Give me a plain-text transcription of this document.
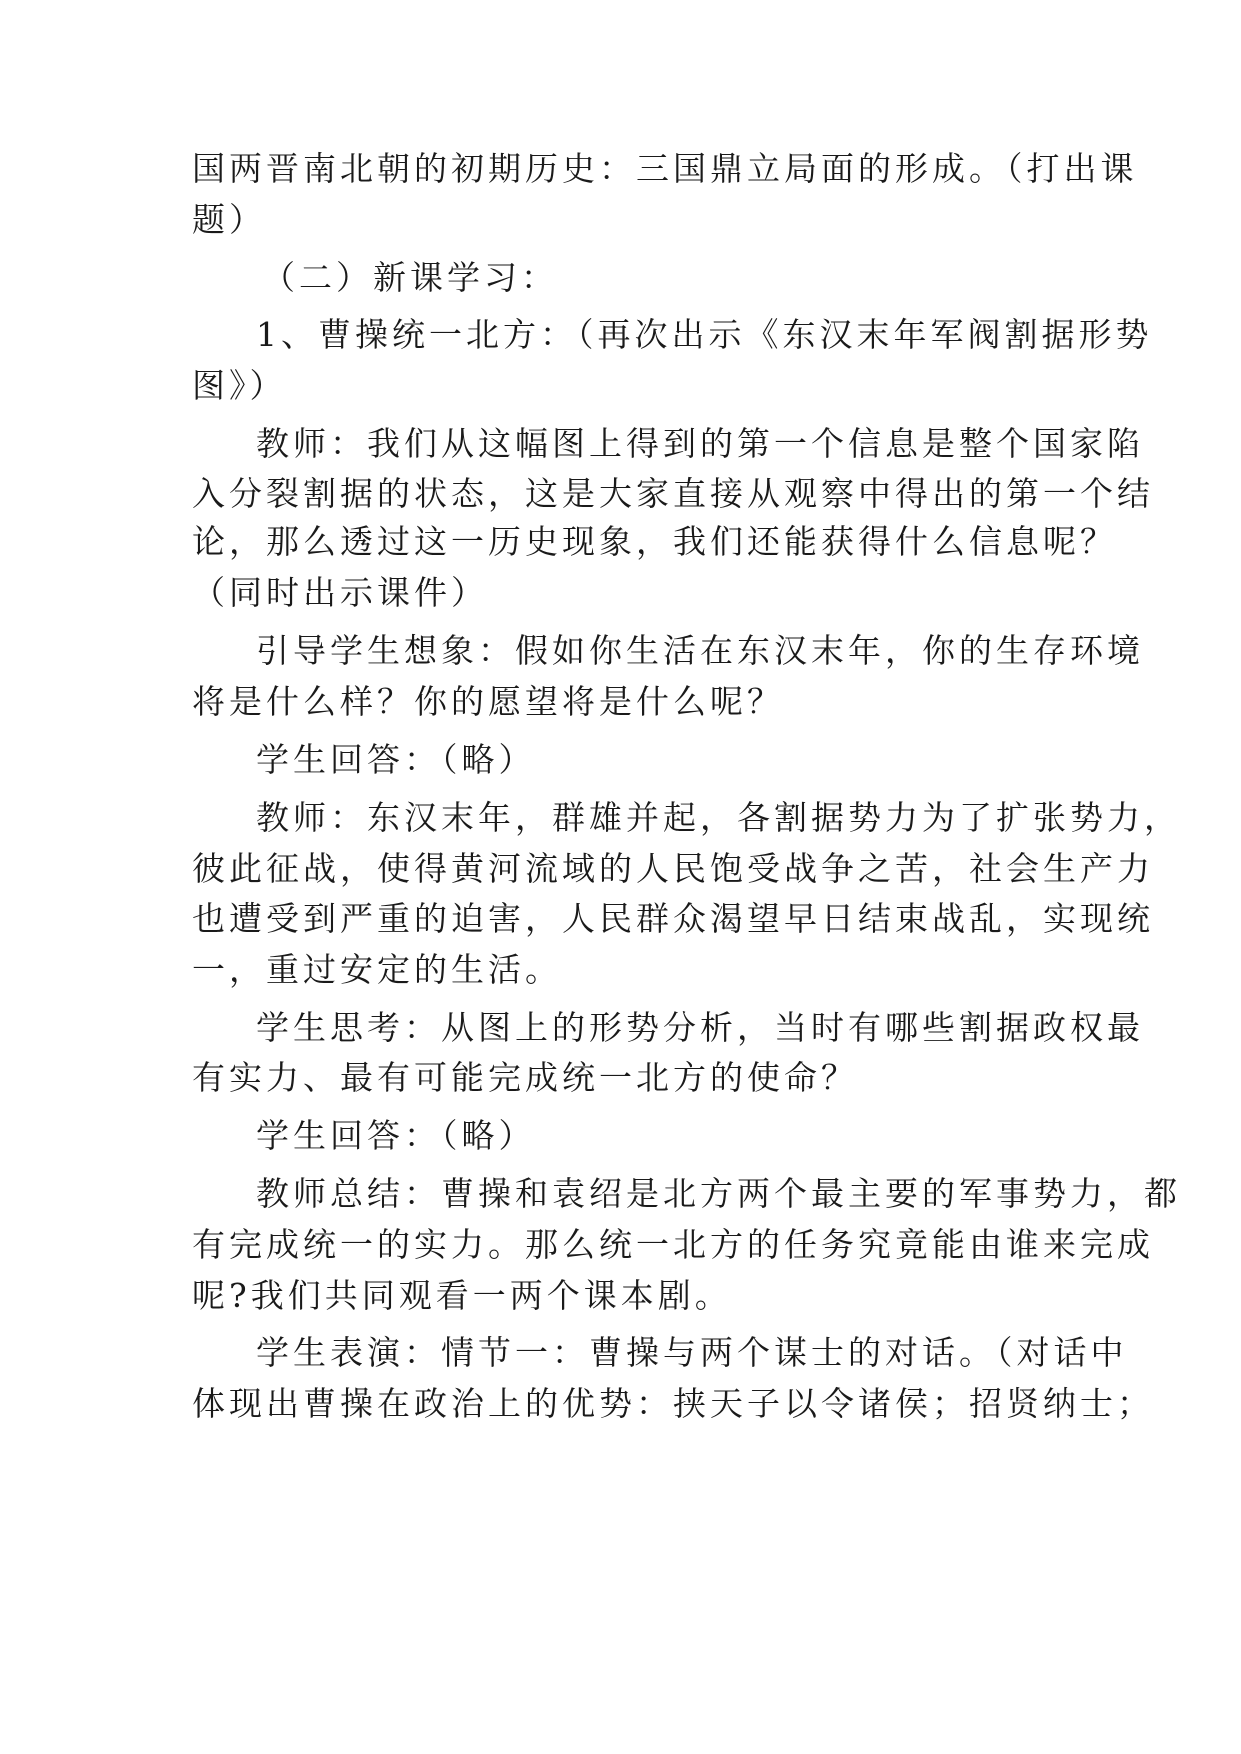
国两晋南北朝的初期历史：三国鼎立局面的形成。（打出课
题）
（二）新课学习：
1、曹操统一北方：（再次出示《东汉末年军阀割据形势
图》）
教师：我们从这幅图上得到的第一个信息是整个国家陷
入分裂割据的状态，这是大家直接从观察中得出的第一个结
论，那么透过这一历史现象，我们还能获得什么信息呢？
（同时出示课件）
引导学生想象：假如你生活在东汉末年，你的生存环境
将是什么样？你的愿望将是什么呢？
学生回答：（略）
教师：东汉末年，群雄并起，各割据势力为了扩张势力，
彼此征战，使得黄河流域的人民饱受战争之苦，社会生产力
也遭受到严重的迫害，人民群众渴望早日结束战乱，实现统
一，重过安定的生活。
学生思考：从图上的形势分析，当时有哪些割据政权最
有实力、最有可能完成统一北方的使命？
学生回答：（略）
教师总结：曹操和袁绍是北方两个最主要的军事势力，都
有完成统一的实力。那么统一北方的任务究竟能由谁来完成
呢?我们共同观看一两个课本剧。
学生表演：情节一：曹操与两个谋士的对话。（对话中
体现出曹操在政治上的优势：挟天子以令诸侯；招贤纳士；
